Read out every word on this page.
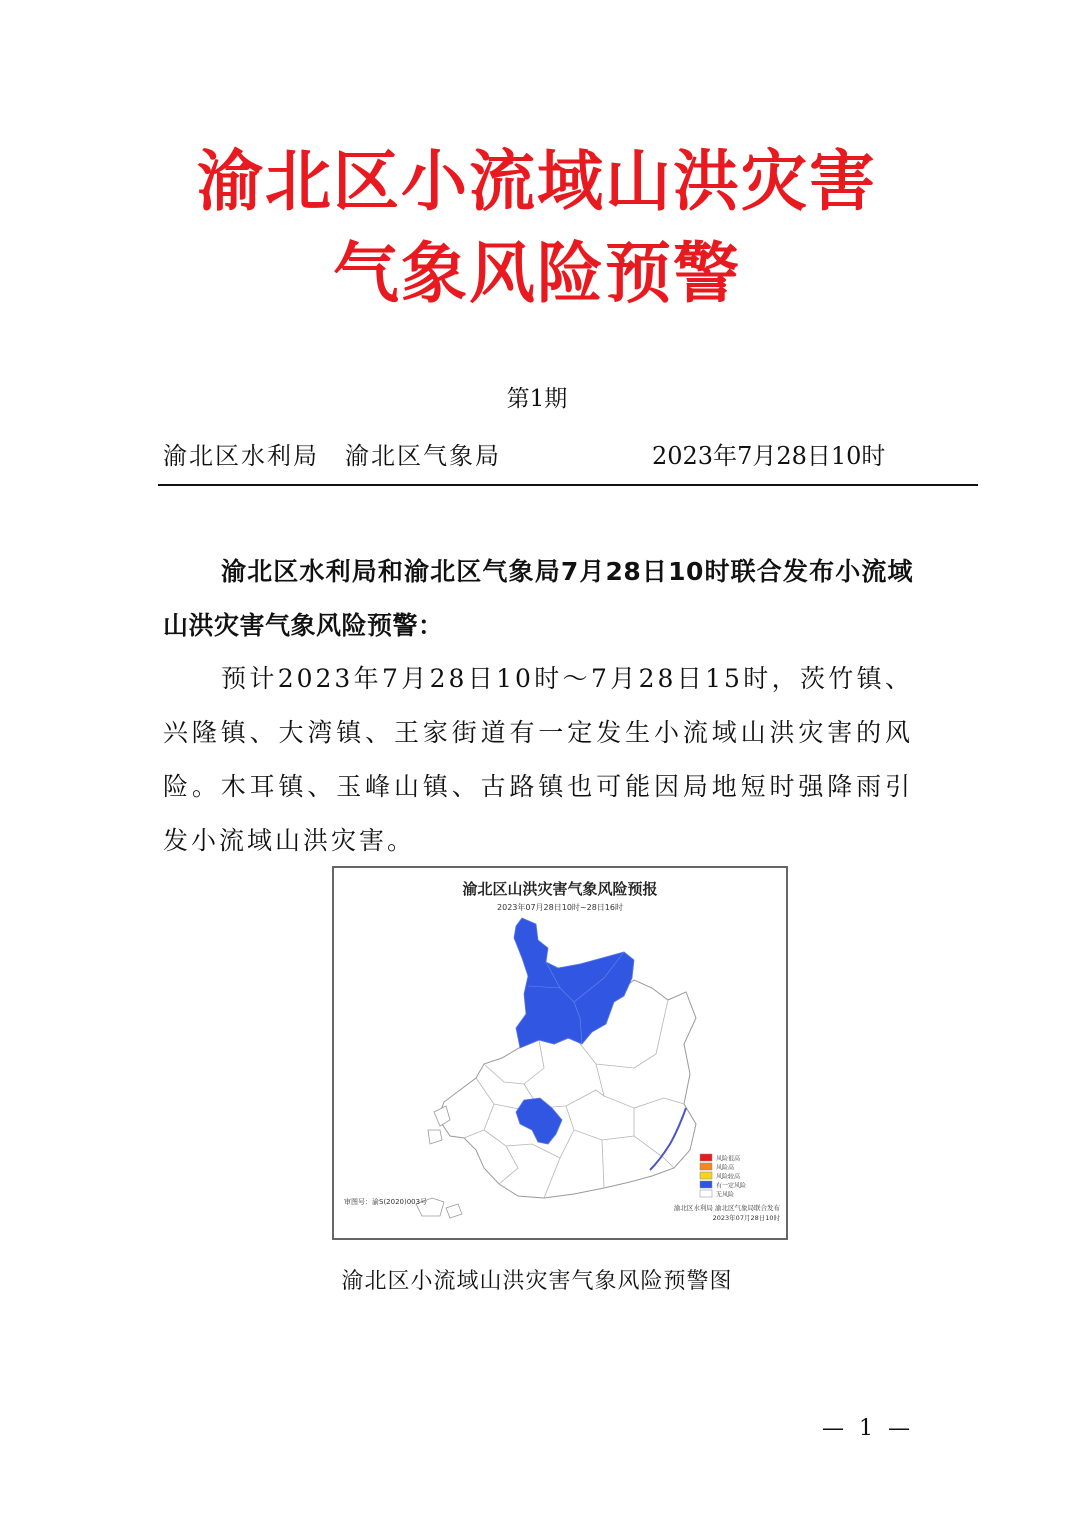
渝北区小流域山洪灾害
气象风险预警
第1期
渝北区水利局　渝北区气象局	2023年7月28日10时
渝北区水利局和渝北区气象局7月28日10时联合发布小流域山洪灾害气象风险预警：
预计2023年7月28日10时～7月28日15时，茨竹镇、兴隆镇、大湾镇、王家街道有一定发生小流域山洪灾害的风险。木耳镇、玉峰山镇、古路镇也可能因局地短时强降雨引发小流域山洪灾害。
渝北区山洪灾害气象风险预报
2023年07月28日10时~28日16时
风险很高
风险高
风险较高
有一定风险
无风险
审图号：渝S(2020)003号
渝北区水利局 渝北区气象局联合发布
2023年07月28日10时
渝北区小流域山洪灾害气象风险预警图
— 1 —
